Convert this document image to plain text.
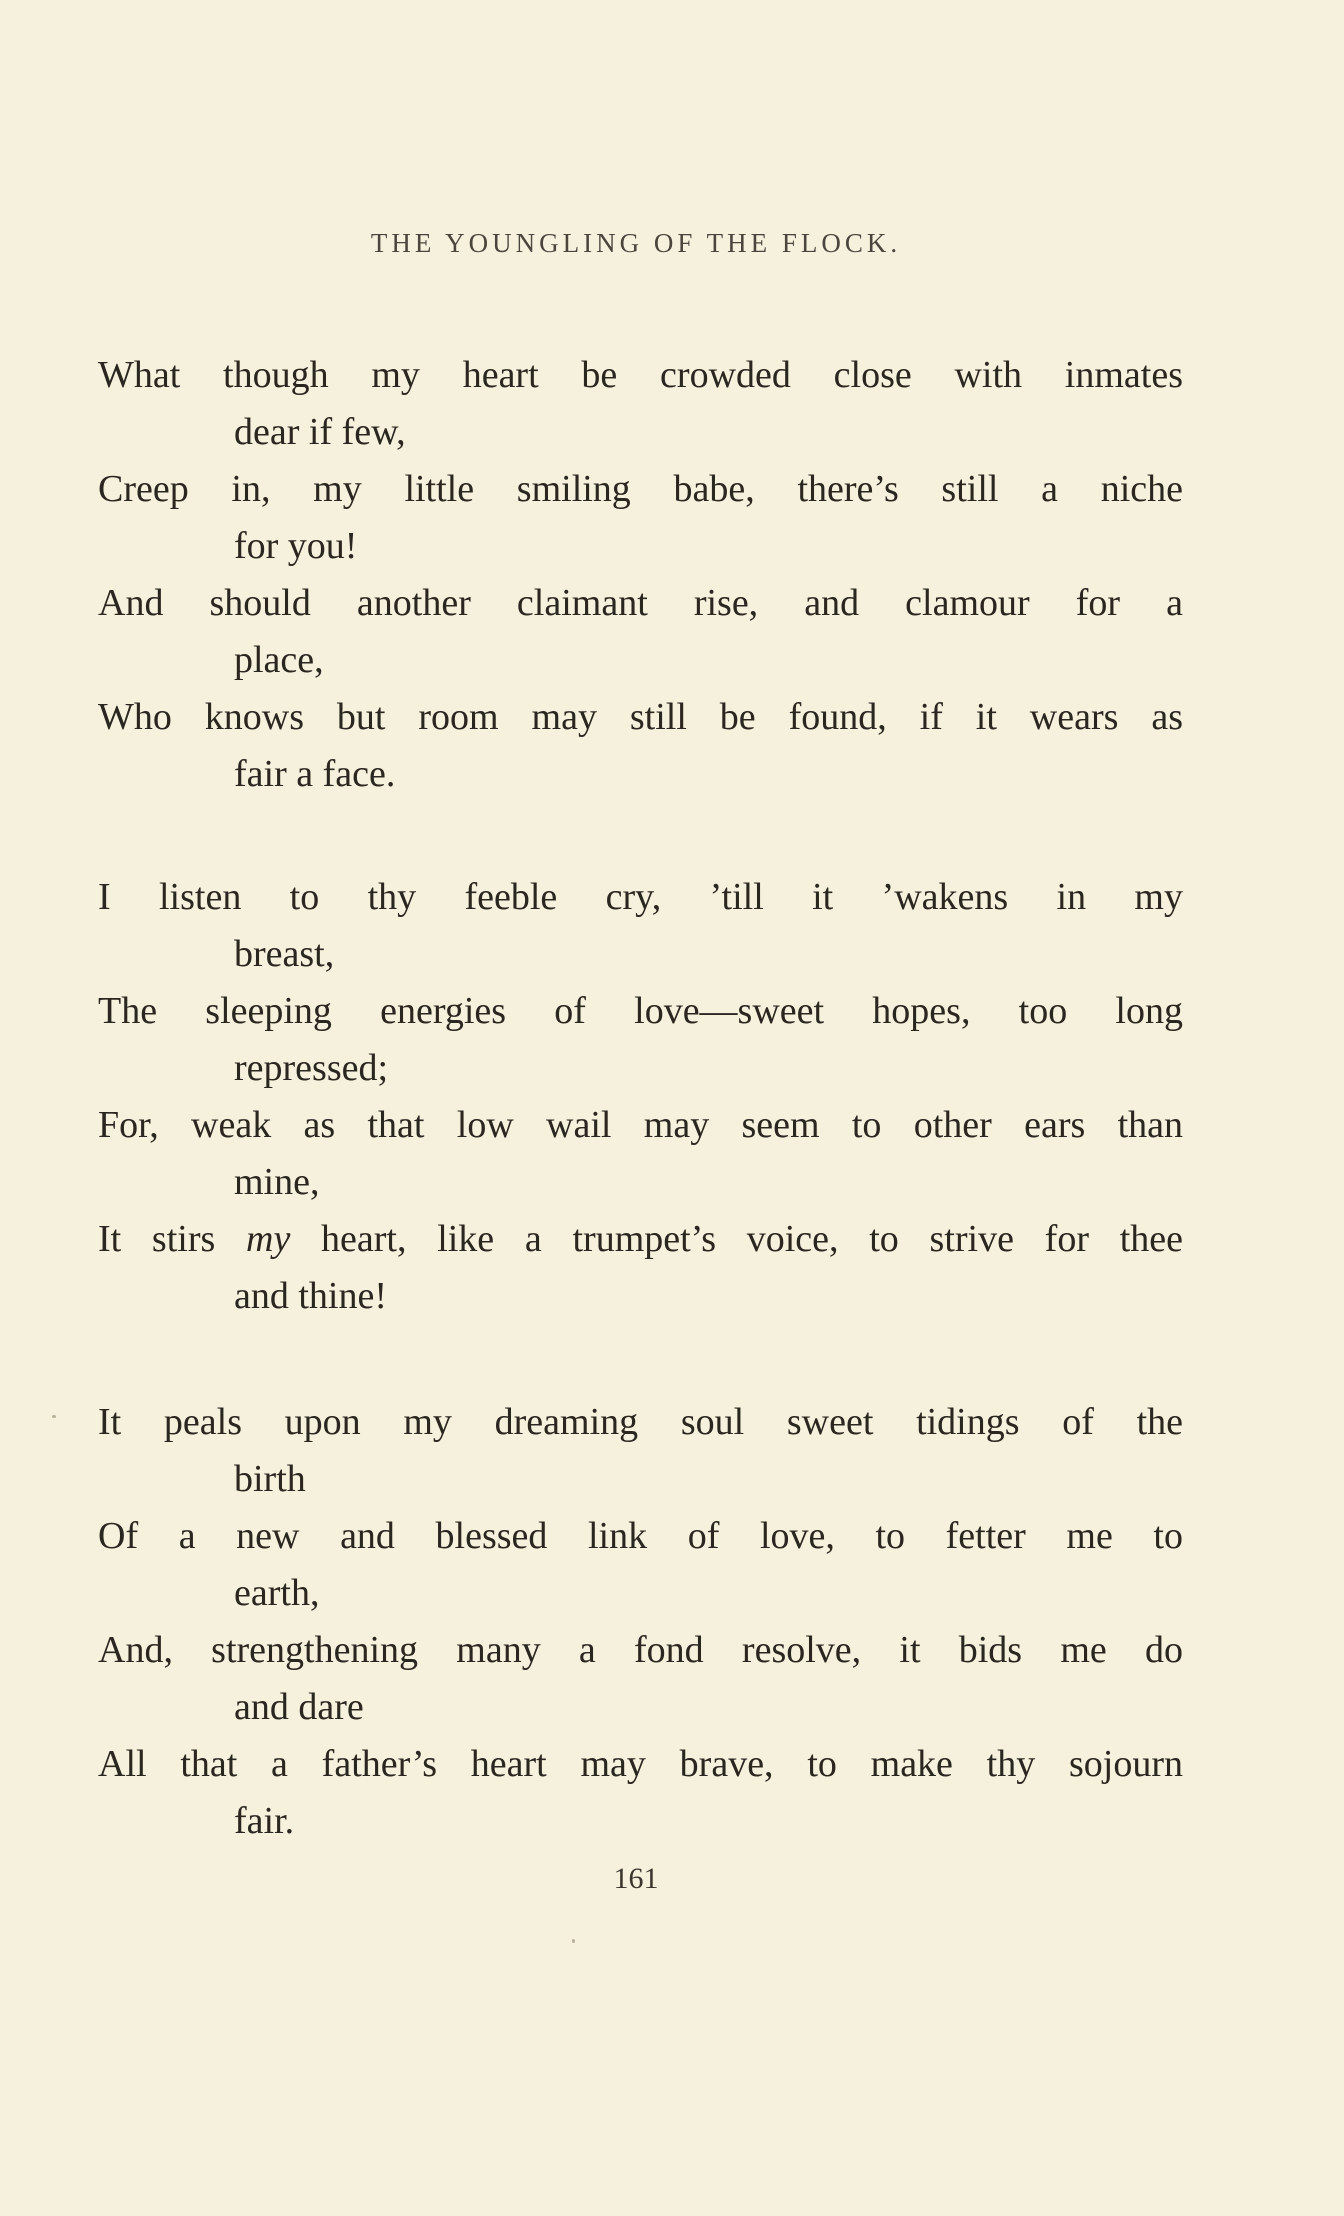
THE YOUNGLING OF THE FLOCK.
What though my heart be crowded close with inmates
dear if few,
Creep in, my little smiling babe, there’s still a niche
for you!
And should another claimant rise, and clamour for a
place,
Who knows but room may still be found, if it wears as
fair a face.
I listen to thy feeble cry, ’till it ’wakens in my
breast,
The sleeping energies of love—sweet hopes, too long
repressed;
For, weak as that low wail may seem to other ears than
mine,
It stirs my heart, like a trumpet’s voice, to strive for thee
and thine!
It peals upon my dreaming soul sweet tidings of the
birth
Of a new and blessed link of love, to fetter me to
earth,
And, strengthening many a fond resolve, it bids me do
and dare
All that a father’s heart may brave, to make thy sojourn
fair.
161
